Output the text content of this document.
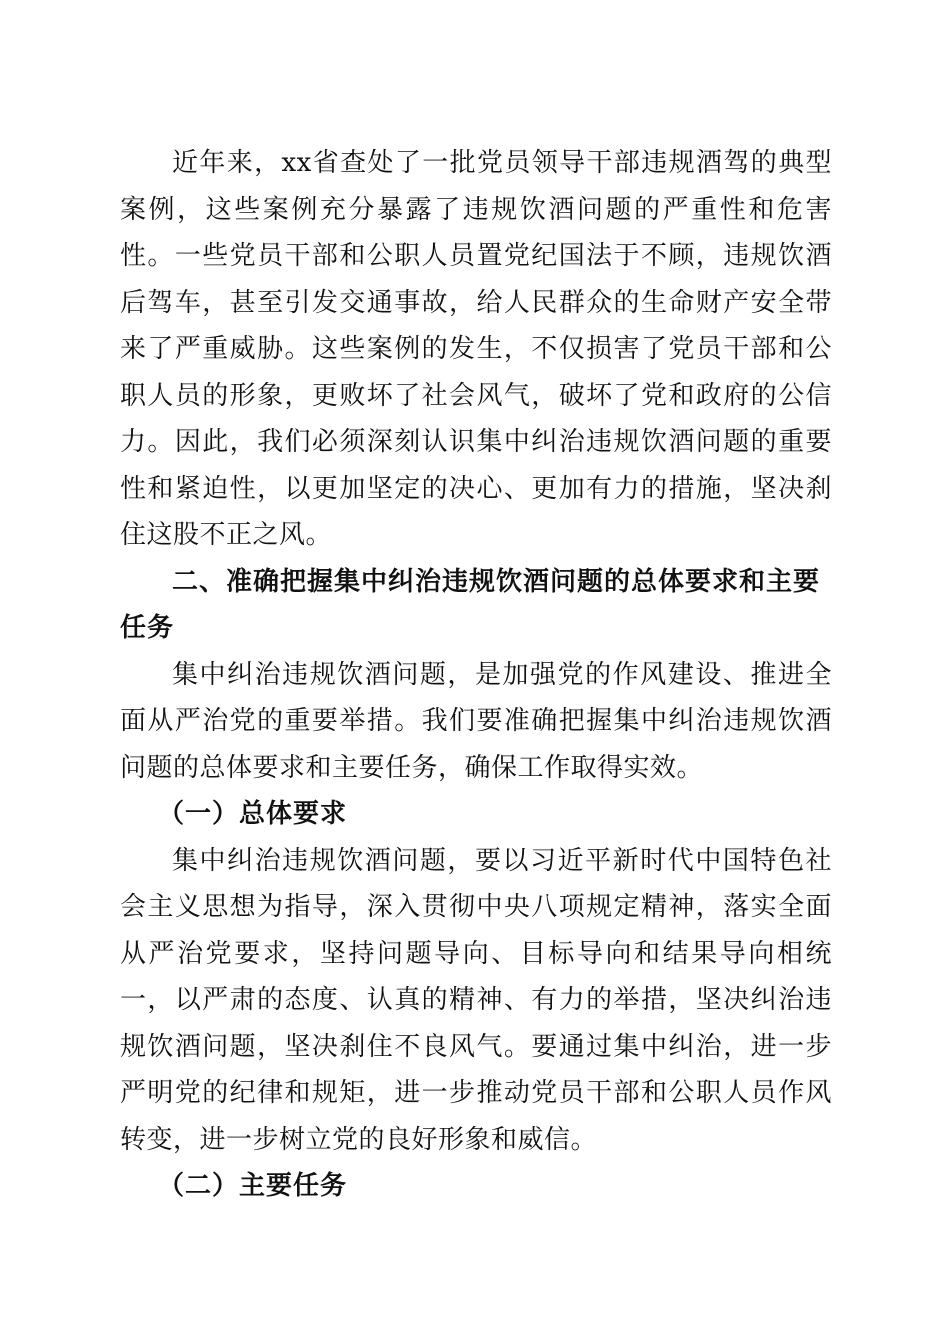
近年来，xx省查处了一批党员领导干部违规酒驾的典型案例，这些案例充分暴露了违规饮酒问题的严重性和危害性。一些党员干部和公职人员置党纪国法于不顾，违规饮酒后驾车，甚至引发交通事故，给人民群众的生命财产安全带来了严重威胁。这些案例的发生，不仅损害了党员干部和公职人员的形象，更败坏了社会风气，破坏了党和政府的公信力。因此，我们必须深刻认识集中纠治违规饮酒问题的重要性和紧迫性，以更加坚定的决心、更加有力的措施，坚决刹住这股不正之风。

二、准确把握集中纠治违规饮酒问题的总体要求和主要任务

集中纠治违规饮酒问题，是加强党的作风建设、推进全面从严治党的重要举措。我们要准确把握集中纠治违规饮酒问题的总体要求和主要任务，确保工作取得实效。

（一）总体要求

集中纠治违规饮酒问题，要以习近平新时代中国特色社会主义思想为指导，深入贯彻中央八项规定精神，落实全面从严治党要求，坚持问题导向、目标导向和结果导向相统一，以严肃的态度、认真的精神、有力的举措，坚决纠治违规饮酒问题，坚决刹住不良风气。要通过集中纠治，进一步严明党的纪律和规矩，进一步推动党员干部和公职人员作风转变，进一步树立党的良好形象和威信。

（二）主要任务
